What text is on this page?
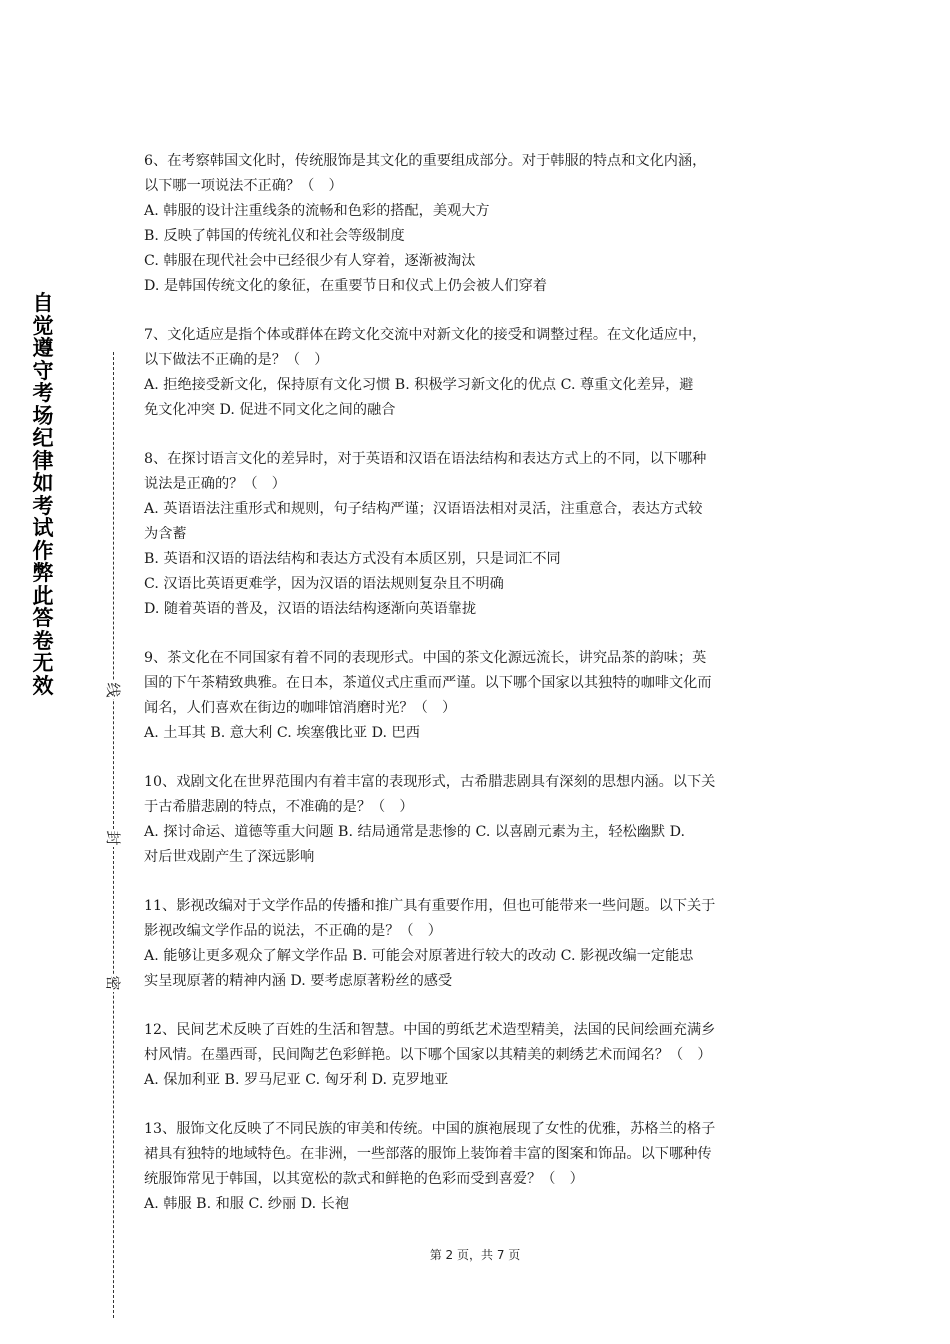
自觉遵守考场纪律如考试作弊此答卷无效	线
封
密
6、在考察韩国文化时，传统服饰是其文化的重要组成部分。对于韩服的特点和文化内涵，
以下哪一项说法不正确？（　）
A. 韩服的设计注重线条的流畅和色彩的搭配，美观大方
B. 反映了韩国的传统礼仪和社会等级制度
C. 韩服在现代社会中已经很少有人穿着，逐渐被淘汰
D. 是韩国传统文化的象征，在重要节日和仪式上仍会被人们穿着
7、文化适应是指个体或群体在跨文化交流中对新文化的接受和调整过程。在文化适应中，
以下做法不正确的是？（　）
A. 拒绝接受新文化，保持原有文化习惯 B. 积极学习新文化的优点 C. 尊重文化差异，避
免文化冲突 D. 促进不同文化之间的融合
8、在探讨语言文化的差异时，对于英语和汉语在语法结构和表达方式上的不同，以下哪种
说法是正确的？（　）
A. 英语语法注重形式和规则，句子结构严谨；汉语语法相对灵活，注重意合，表达方式较
为含蓄
B. 英语和汉语的语法结构和表达方式没有本质区别，只是词汇不同
C. 汉语比英语更难学，因为汉语的语法规则复杂且不明确
D. 随着英语的普及，汉语的语法结构逐渐向英语靠拢
9、茶文化在不同国家有着不同的表现形式。中国的茶文化源远流长，讲究品茶的韵味；英
国的下午茶精致典雅。在日本，茶道仪式庄重而严谨。以下哪个国家以其独特的咖啡文化而
闻名，人们喜欢在街边的咖啡馆消磨时光？（　）
A. 土耳其 B. 意大利 C. 埃塞俄比亚 D. 巴西
10、戏剧文化在世界范围内有着丰富的表现形式，古希腊悲剧具有深刻的思想内涵。以下关
于古希腊悲剧的特点，不准确的是？（　）
A. 探讨命运、道德等重大问题 B. 结局通常是悲惨的 C. 以喜剧元素为主，轻松幽默 D.
对后世戏剧产生了深远影响
11、影视改编对于文学作品的传播和推广具有重要作用，但也可能带来一些问题。以下关于
影视改编文学作品的说法，不正确的是？（　）
A. 能够让更多观众了解文学作品 B. 可能会对原著进行较大的改动 C. 影视改编一定能忠
实呈现原著的精神内涵 D. 要考虑原著粉丝的感受
12、民间艺术反映了百姓的生活和智慧。中国的剪纸艺术造型精美，法国的民间绘画充满乡
村风情。在墨西哥，民间陶艺色彩鲜艳。以下哪个国家以其精美的刺绣艺术而闻名？（　）
A. 保加利亚 B. 罗马尼亚 C. 匈牙利 D. 克罗地亚
13、服饰文化反映了不同民族的审美和传统。中国的旗袍展现了女性的优雅，苏格兰的格子
裙具有独特的地域特色。在非洲，一些部落的服饰上装饰着丰富的图案和饰品。以下哪种传
统服饰常见于韩国，以其宽松的款式和鲜艳的色彩而受到喜爱？（　）
A. 韩服 B. 和服 C. 纱丽 D. 长袍
第 2 页，共 7 页
